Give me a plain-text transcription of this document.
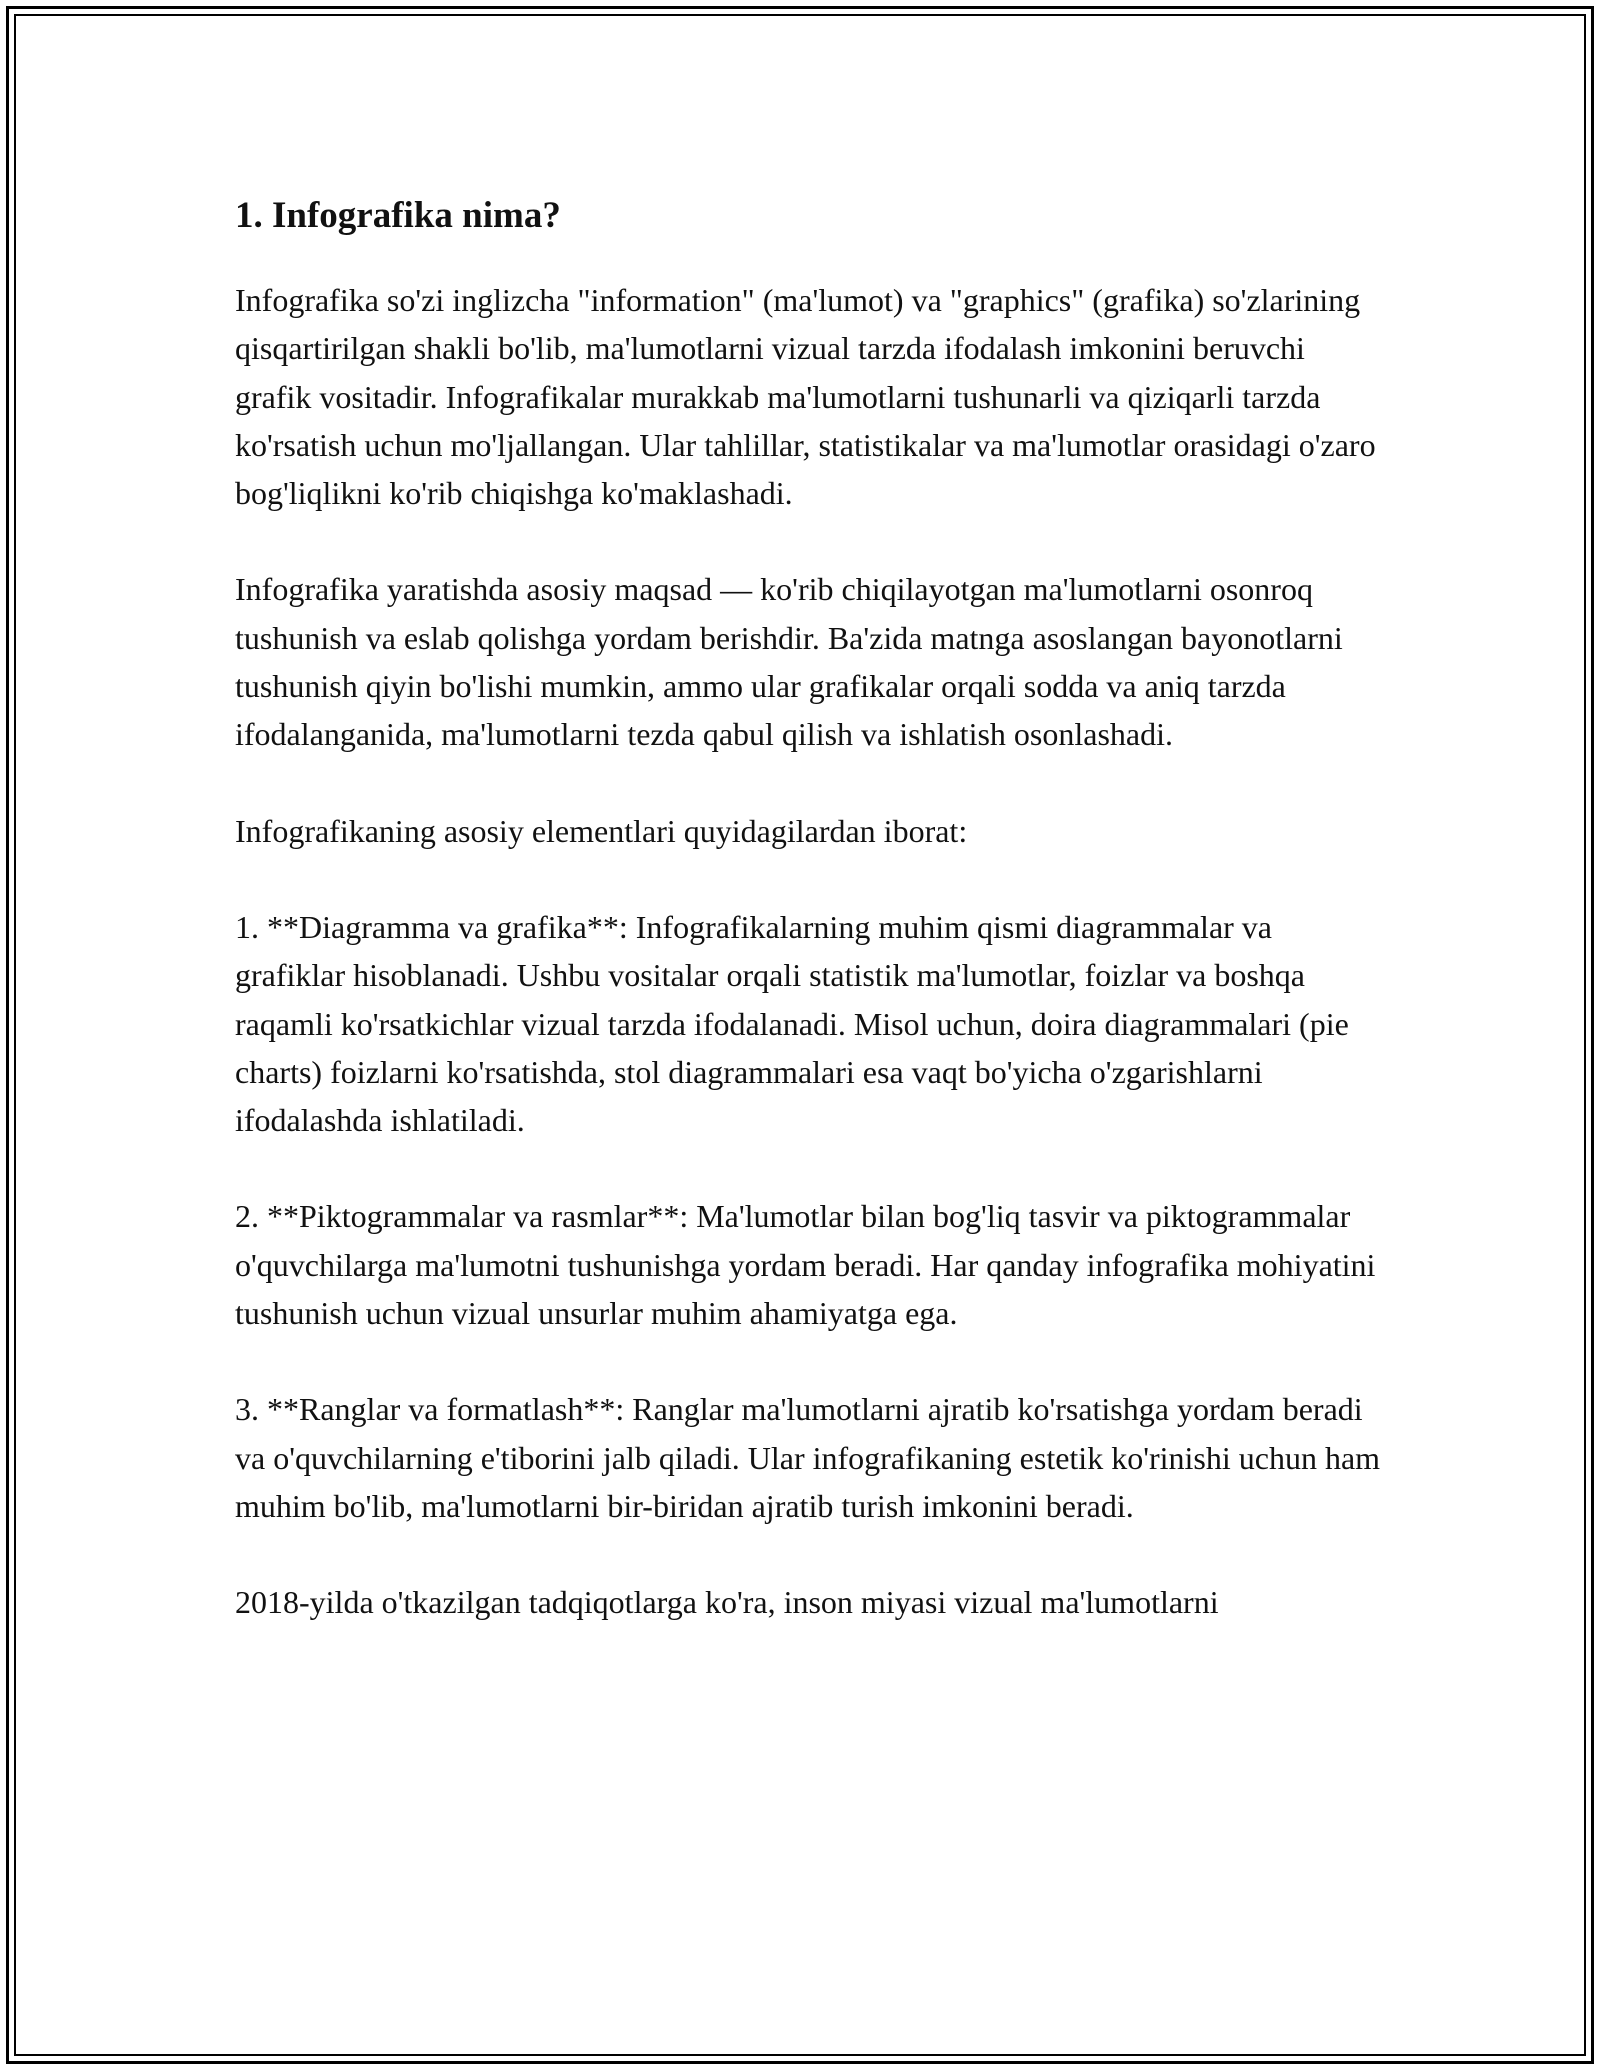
1. Infografika nima?

Infografika so'zi inglizcha "information" (ma'lumot) va "graphics" (grafika) so'zlarining qisqartirilgan shakli bo'lib, ma'lumotlarni vizual tarzda ifodalash imkonini beruvchi grafik vositadir. Infografikalar murakkab ma'lumotlarni tushunarli va qiziqarli tarzda ko'rsatish uchun mo'ljallangan. Ular tahlillar, statistikalar va ma'lumotlar orasidagi o'zaro bog'liqlikni ko'rib chiqishga ko'maklashadi.

Infografika yaratishda asosiy maqsad — ko'rib chiqilayotgan ma'lumotlarni osonroq tushunish va eslab qolishga yordam berishdir. Ba'zida matnga asoslangan bayonotlarni tushunish qiyin bo'lishi mumkin, ammo ular grafikalar orqali sodda va aniq tarzda ifodalanganida, ma'lumotlarni tezda qabul qilish va ishlatish osonlashadi.

Infografikaning asosiy elementlari quyidagilardan iborat:

1. **Diagramma va grafika**: Infografikalarning muhim qismi diagrammalar va grafiklar hisoblanadi. Ushbu vositalar orqali statistik ma'lumotlar, foizlar va boshqa raqamli ko'rsatkichlar vizual tarzda ifodalanadi. Misol uchun, doira diagrammalari (pie charts) foizlarni ko'rsatishda, stol diagrammalari esa vaqt bo'yicha o'zgarishlarni ifodalashda ishlatiladi.

2. **Piktogrammalar va rasmlar**: Ma'lumotlar bilan bog'liq tasvir va piktogrammalar o'quvchilarga ma'lumotni tushunishga yordam beradi. Har qanday infografika mohiyatini tushunish uchun vizual unsurlar muhim ahamiyatga ega.

3. **Ranglar va formatlash**: Ranglar ma'lumotlarni ajratib ko'rsatishga yordam beradi va o'quvchilarning e'tiborini jalb qiladi. Ular infografikaning estetik ko'rinishi uchun ham muhim bo'lib, ma'lumotlarni bir-biridan ajratib turish imkonini beradi.

2018-yilda o'tkazilgan tadqiqotlarga ko'ra, inson miyasi vizual ma'lumotlarni
